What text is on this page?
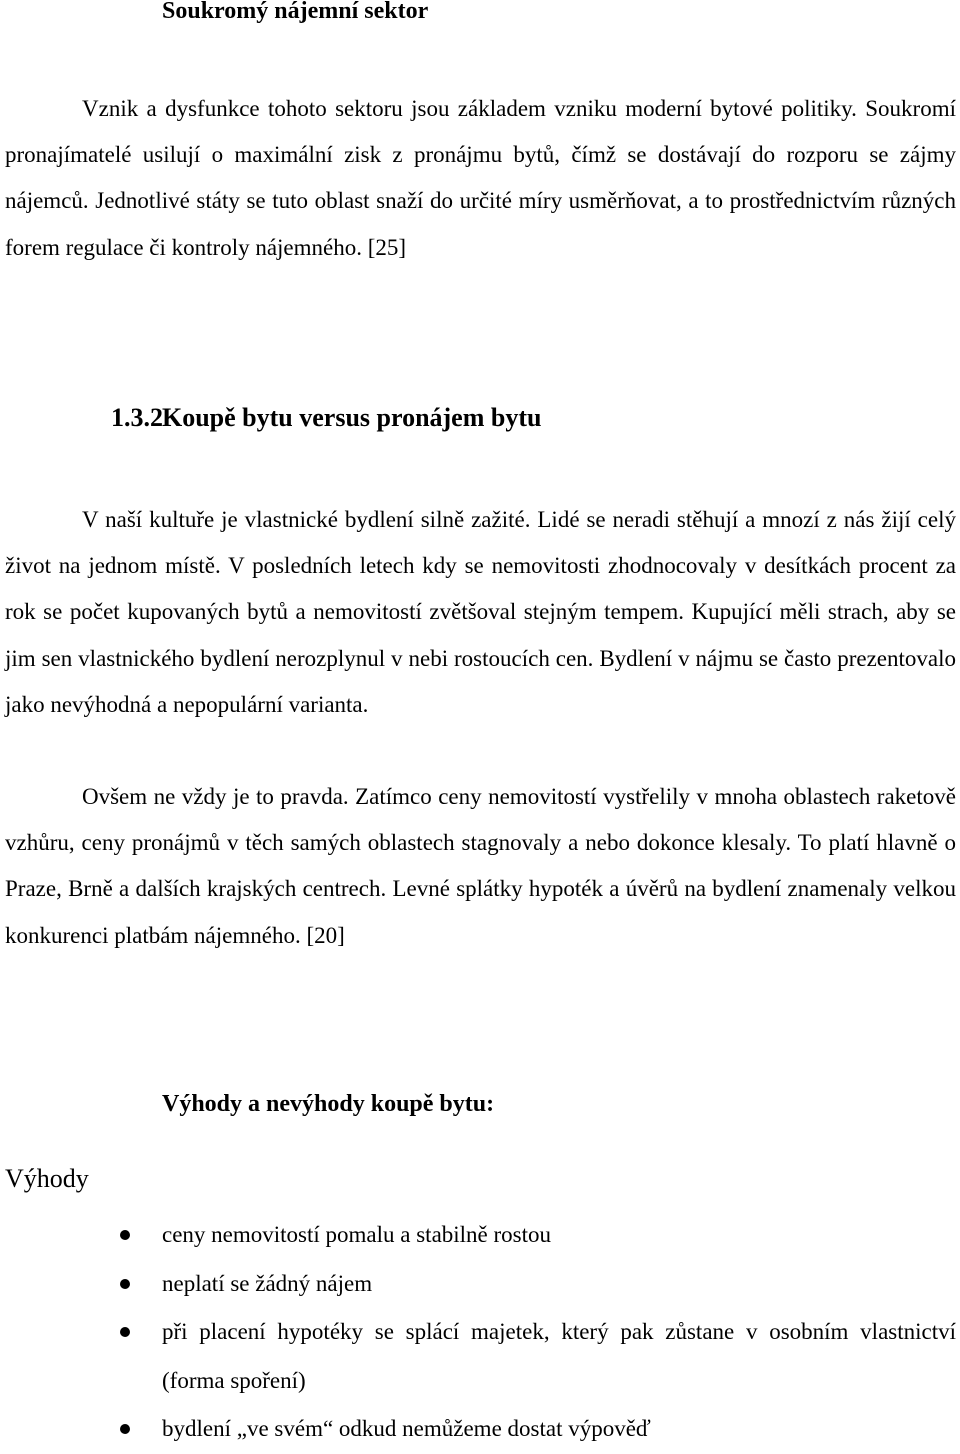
Soukromý nájemní sektor

Vznik a dysfunkce tohoto sektoru jsou základem vzniku moderní bytové politiky. Soukromí pronajímatelé usilují o maximální zisk z pronájmu bytů, čímž se dostávají do rozporu se zájmy nájemců. Jednotlivé státy se tuto oblast snaží do určité míry usměrňovat, a to prostřednictvím různých forem regulace či kontroly nájemného. [25]

1.3.2Koupě bytu versus pronájem bytu

V naší kultuře je vlastnické bydlení silně zažité. Lidé se neradi stěhují a mnozí z nás žijí celý život na jednom místě. V posledních letech kdy se nemovitosti zhodnocovaly v desítkách procent za rok se počet kupovaných bytů a nemovitostí zvětšoval stejným tempem. Kupující měli strach, aby se jim sen vlastnického bydlení nerozplynul v nebi rostoucích cen. Bydlení v nájmu se často prezentovalo jako nevýhodná a nepopulární varianta.

Ovšem ne vždy je to pravda. Zatímco ceny nemovitostí vystřelily v mnoha oblastech raketově vzhůru, ceny pronájmů v těch samých oblastech stagnovaly a nebo dokonce klesaly. To platí hlavně o Praze, Brně a dalších krajských centrech. Levné splátky hypoték a úvěrů na bydlení znamenaly velkou konkurenci platbám nájemného. [20]

Výhody a nevýhody koupě bytu:
Výhody
ceny nemovitostí pomalu a stabilně rostou
neplatí se žádný nájem
při placení hypotéky se splácí majetek, který pak zůstane v osobním vlastnictví (forma spoření)
bydlení „ve svém“ odkud nemůžeme dostat výpověď
